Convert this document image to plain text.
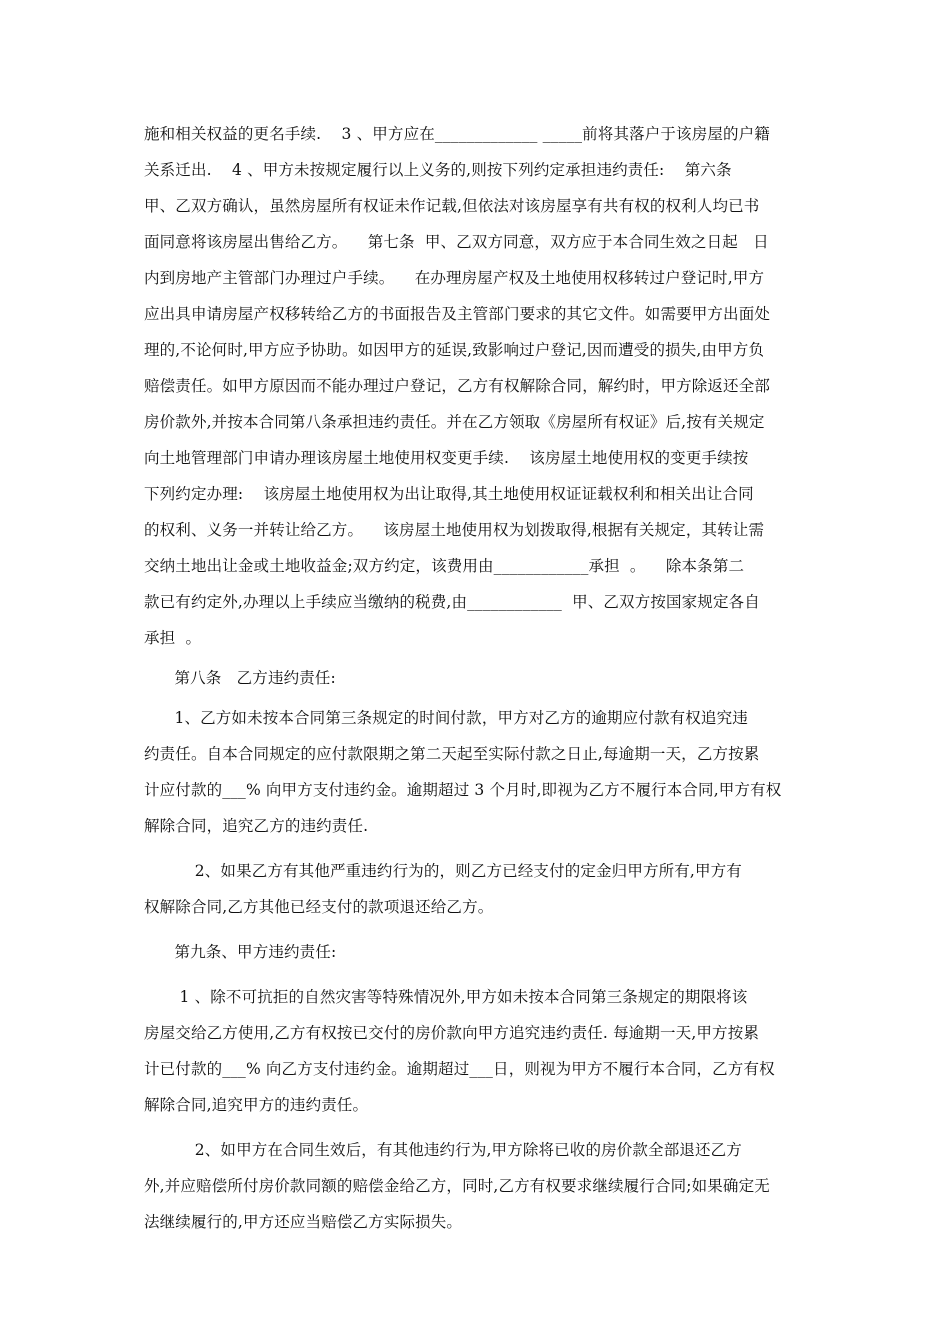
施和相关权益的更名手续.    3 、甲方应在_____________ _____前将其落户于该房屋的户籍
关系迁出.    4 、甲方未按规定履行以上义务的,则按下列约定承担违约责任:    第六条
甲、乙双方确认，虽然房屋所有权证未作记载,但依法对该房屋享有共有权的权利人均已书
面同意将该房屋出售给乙方。    第七条  甲、乙双方同意，双方应于本合同生效之日起   日
内到房地产主管部门办理过户手续。    在办理房屋产权及土地使用权移转过户登记时,甲方
应出具申请房屋产权移转给乙方的书面报告及主管部门要求的其它文件。如需要甲方出面处
理的,不论何时,甲方应予协助。如因甲方的延误,致影响过户登记,因而遭受的损失,由甲方负
赔偿责任。如甲方原因而不能办理过户登记，乙方有权解除合同，解约时，甲方除返还全部
房价款外,并按本合同第八条承担违约责任。并在乙方领取《房屋所有权证》后,按有关规定
向土地管理部门申请办理该房屋土地使用权变更手续.    该房屋土地使用权的变更手续按
下列约定办理:    该房屋土地使用权为出让取得,其土地使用权证证载权利和相关出让合同
的权利、义务一并转让给乙方。    该房屋土地使用权为划拨取得,根据有关规定，其转让需
交纳土地出让金或土地收益金;双方约定，该费用由____________承担  。    除本条第二
款已有约定外,办理以上手续应当缴纳的税费,由____________  甲、乙双方按国家规定各自
承担  。
第八条   乙方违约责任:
1、乙方如未按本合同第三条规定的时间付款，甲方对乙方的逾期应付款有权追究违
约责任。自本合同规定的应付款限期之第二天起至实际付款之日止,每逾期一天，乙方按累
计应付款的___% 向甲方支付违约金。逾期超过 3 个月时,即视为乙方不履行本合同,甲方有权
解除合同，追究乙方的违约责任.
2、如果乙方有其他严重违约行为的，则乙方已经支付的定金归甲方所有,甲方有
权解除合同,乙方其他已经支付的款项退还给乙方。
第九条、甲方违约责任:
1 、除不可抗拒的自然灾害等特殊情况外,甲方如未按本合同第三条规定的期限将该
房屋交给乙方使用,乙方有权按已交付的房价款向甲方追究违约责任. 每逾期一天,甲方按累
计已付款的___% 向乙方支付违约金。逾期超过___日，则视为甲方不履行本合同，乙方有权
解除合同,追究甲方的违约责任。
2、如甲方在合同生效后，有其他违约行为,甲方除将已收的房价款全部退还乙方
外,并应赔偿所付房价款同额的赔偿金给乙方，同时,乙方有权要求继续履行合同;如果确定无
法继续履行的,甲方还应当赔偿乙方实际损失。
